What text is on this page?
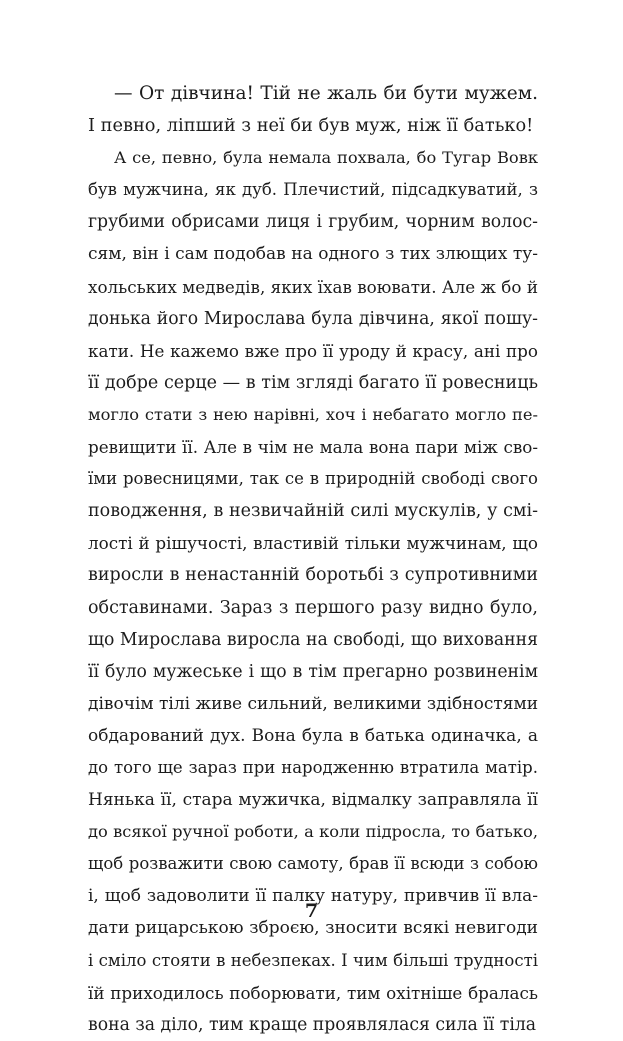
— От дівчина! Тій не жаль би бути мужем.
І певно, ліпший з неї би був муж, ніж її батько!
А се, певно, була немала похвала, бо Тугар Вовк
був мужчина, як дуб. Плечистий, підсадкуватий, з
грубими обрисами лиця і грубим, чорним волос-
сям, він і сам подобав на одного з тих злющих ту-
хольських медведів, яких їхав воювати. Але ж бо й
донька його Мирослава була дівчина, якої пошу-
кати. Не кажемо вже про її уроду й красу, ані про
її добре серце — в тім згляді багато її ровесниць
могло стати з нею нарівні, хоч і небагато могло пе-
ревищити її. Але в чім не мала вона пари між сво-
їми ровесницями, так се в природній свободі свого
поводження, в незвичайній силі мускулів, у смі-
лості й рішучості, властивій тільки мужчинам, що
виросли в ненастанній боротьбі з супротивними
обставинами. Зараз з першого разу видно було,
що Мирослава виросла на свободі, що виховання
її було мужеське і що в тім прегарно розвиненім
дівочім тілі живе сильний, великими здібностями
обдарований дух. Вона була в батька одиначка, а
до того ще зараз при народженню втратила матір.
Нянька її, стара мужичка, відмалку заправляла її
до всякої ручної роботи, а коли підросла, то батько,
щоб розважити свою самоту, брав її всюди з собою
і, щоб задоволити її палку натуру, привчив її вла-
дати рицарською зброєю, зносити всякі невигоди
і сміло стояти в небезпеках. І чим більші трудності
їй приходилось поборювати, тим охітніше бралась
вона за діло, тим краще проявлялася сила її тіла
7
